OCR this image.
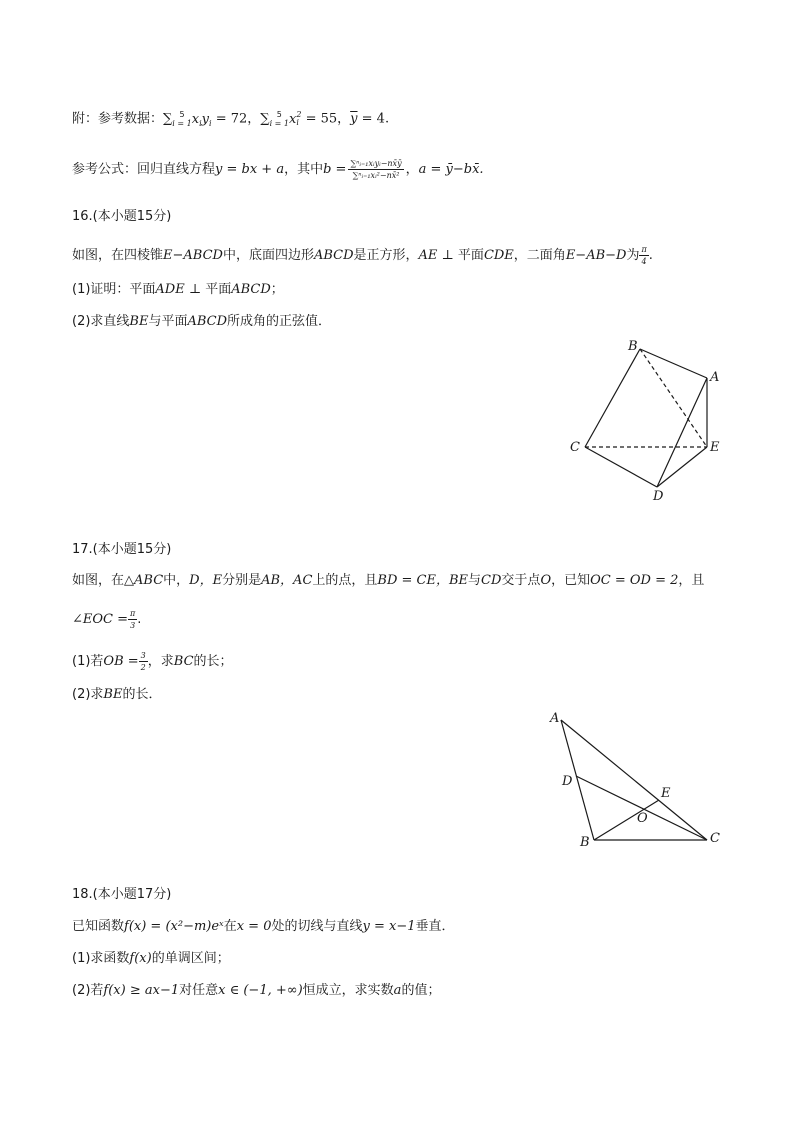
附：参考数据：∑ 5
i = 1 $x_iy_i = 72$，∑ 5
i = 1 x 2
i = 55，$\overline{y} = 4$.
参考公式：回归直线方程y = bx + a，其中$b = \frac{\text{∑ⁿᵢ₌₁xᵢyᵢ−nx̄ȳ}}{\text{∑ⁿᵢ₌₁xᵢ²−nx̄²}}$ ，a = ȳ−bx̄.
16.(本小题15分)
如图，在四棱锥E−ABCD中，底面四边形ABCD是正方形，AE ⊥ 平面CDE，二面角E−AB−D为 $\frac{\pi}{4}$ .
(1)证明：平面ADE ⊥ 平面ABCD；
(2)求直线BE与平面ABCD所成角的正弦值．
B
A
C	E
D
17.(本小题15分)
如图，在△ABC中，D，E分别是AB，AC上的点，且BD = CE，BE与CD交于点O，已知OC = OD = 2，且
∠EOC = $\frac{\pi}{3}$ .
(1)若OB = $\frac{3}{2}$ ，求BC的长；
(2)求BE的长．
A
D
E
O
B	C
18.(本小题17分)
已知函数f(x) = (x²−m)eˣ在x = 0处的切线与直线y = x−1垂直．
(1)求函数f(x)的单调区间；
(2)若f(x) ≥ ax−1对任意x ∈ (−1, +∞)恒成立，求实数a的值；
